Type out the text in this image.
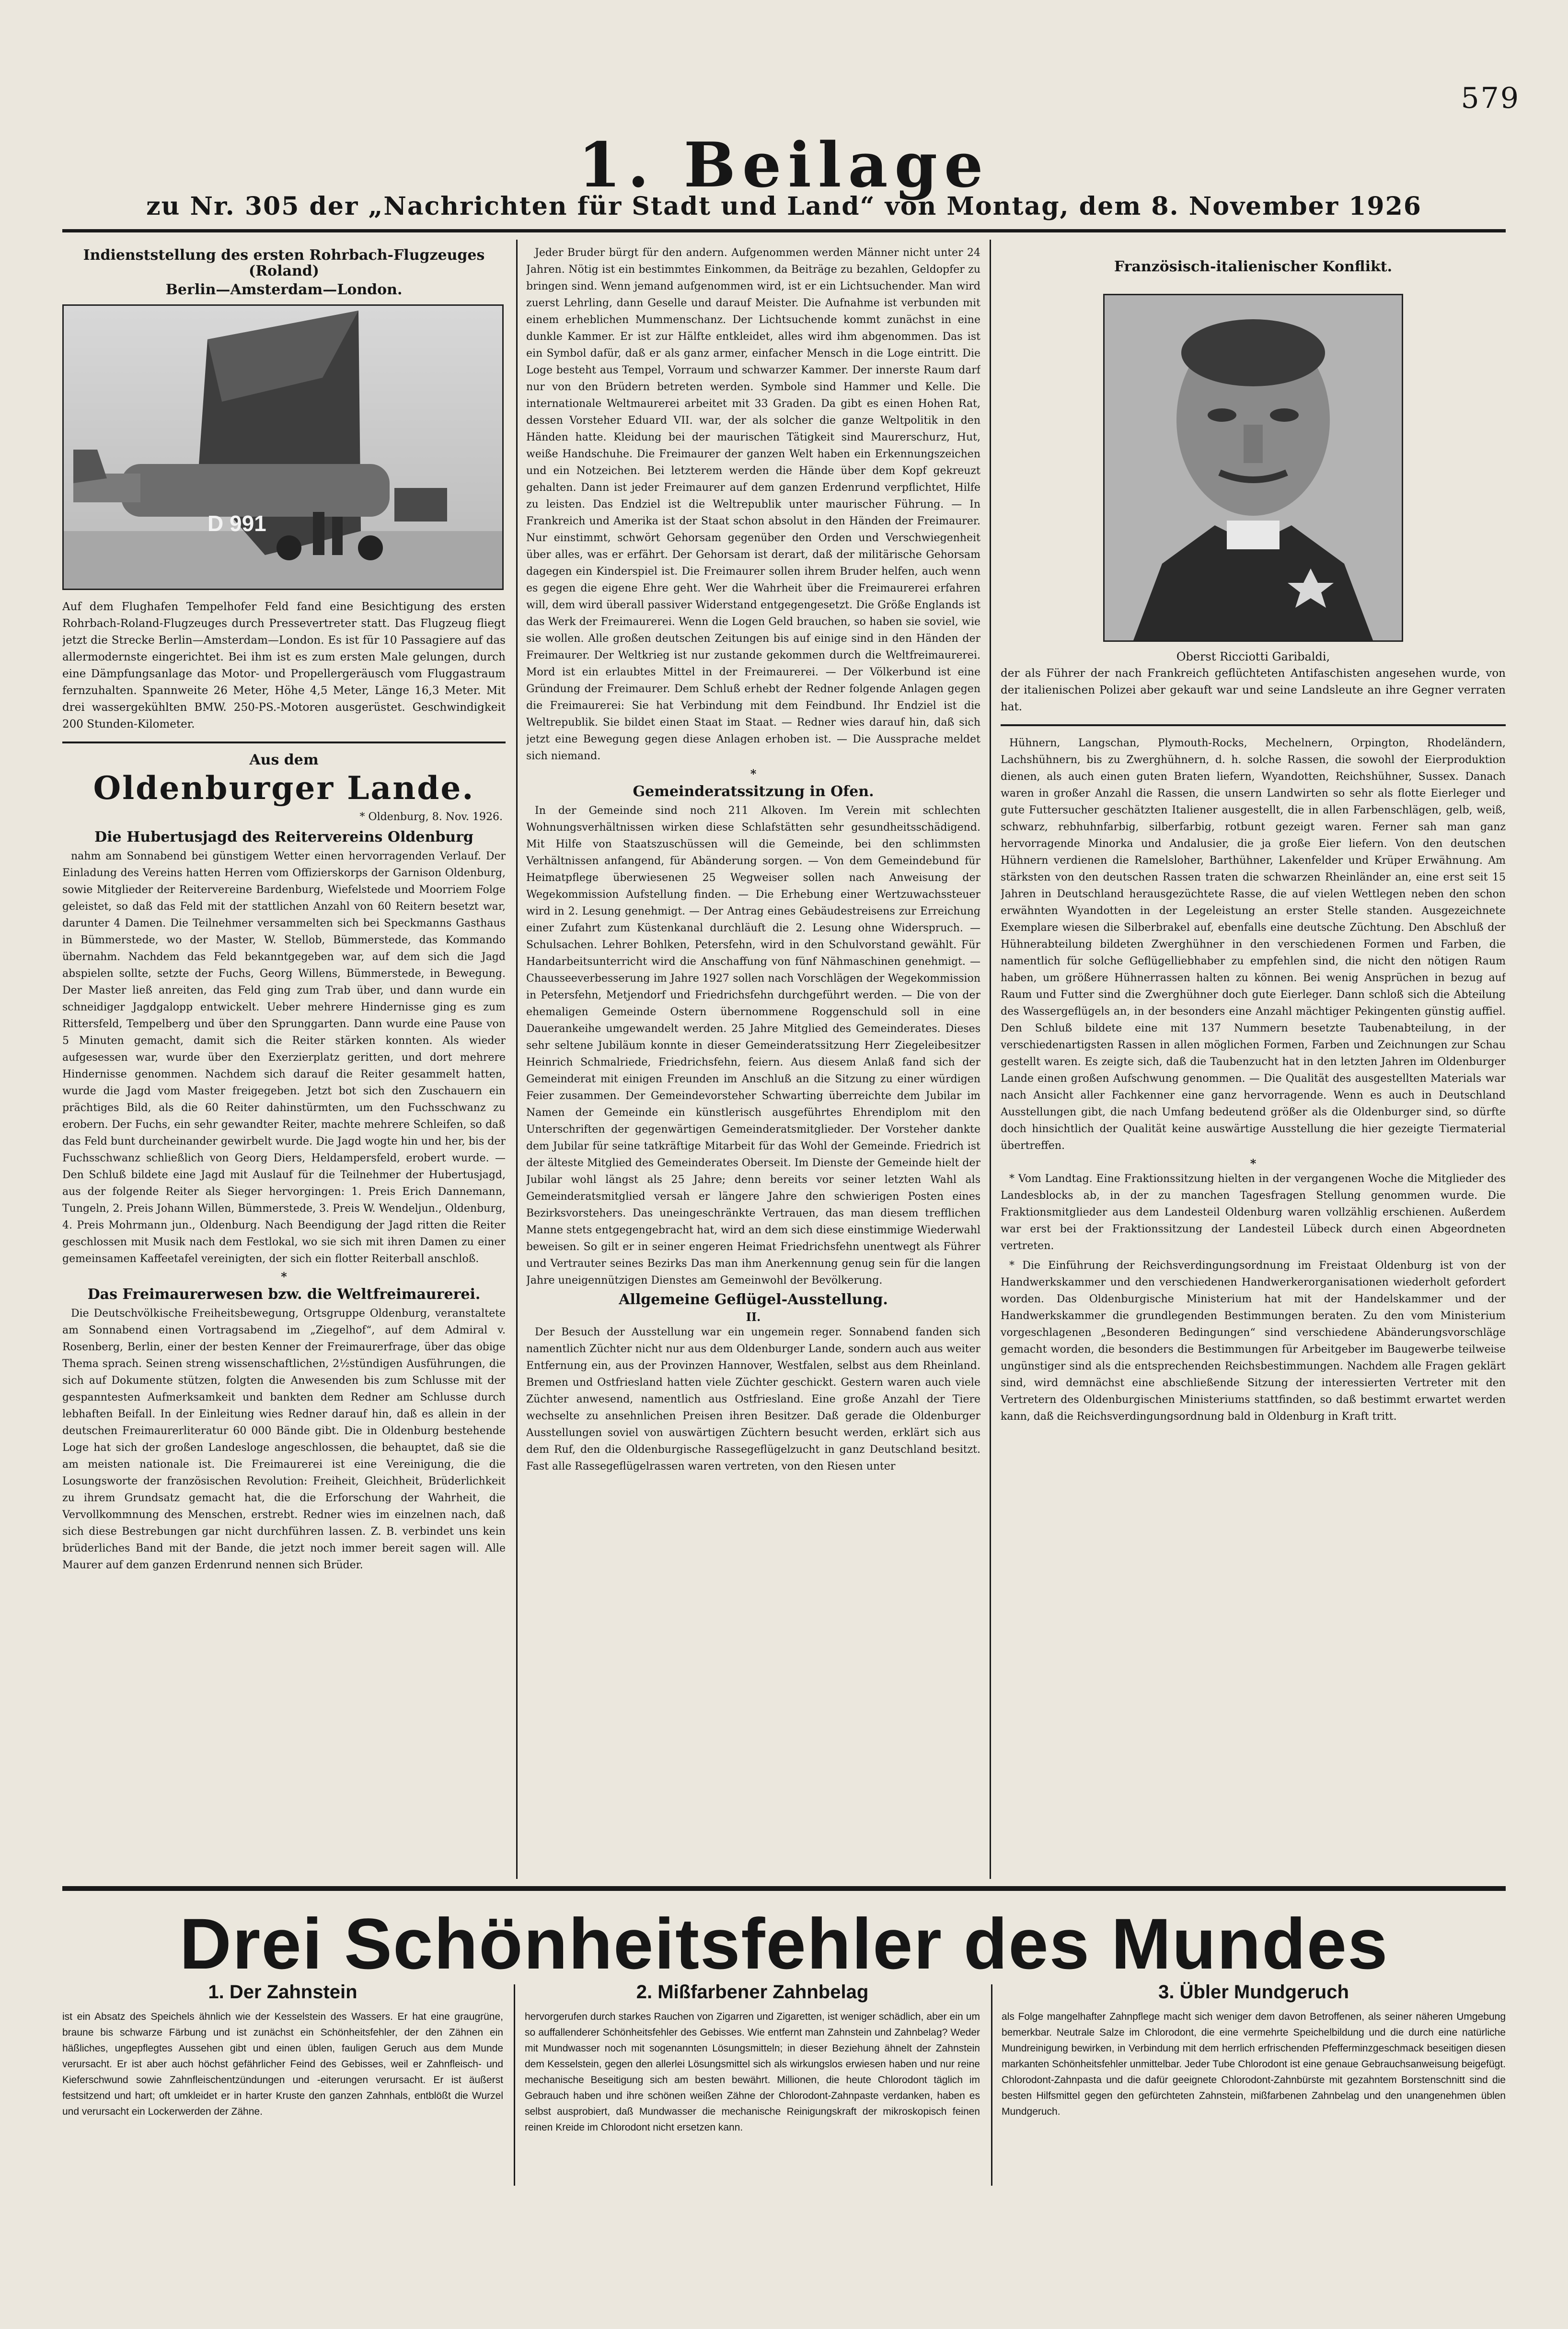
579
1. Beilage
zu Nr. 305 der „Nachrichten für Stadt und Land“ von Montag, dem 8. November 1926
Indienststellung des ersten Rohrbach-Flugzeuges (Roland)
Berlin—Amsterdam—London.
D 991
Auf dem Flughafen Tempelhofer Feld fand eine Besichtigung des ersten Rohrbach-Roland-Flugzeuges durch Pressevertreter statt. Das Flugzeug fliegt jetzt die Strecke Berlin—Amsterdam—London. Es ist für 10 Passagiere auf das allermodernste eingerichtet. Bei ihm ist es zum ersten Male gelungen, durch eine Dämpfungsanlage das Motor- und Propellergeräusch vom Fluggastraum fernzuhalten. Spannweite 26 Meter, Höhe 4,5 Meter, Länge 16,3 Meter. Mit drei wassergekühlten BMW. 250-PS.-Motoren ausgerüstet. Geschwindigkeit 200 Stunden-Kilometer.
Aus dem
Oldenburger Lande.
* Oldenburg, 8. Nov. 1926.
Die Hubertusjagd des Reitervereins Oldenburg

nahm am Sonnabend bei günstigem Wetter einen hervorragenden Verlauf. Der Einladung des Vereins hatten Herren vom Offizierskorps der Garnison Oldenburg, sowie Mitglieder der Reitervereine Bardenburg, Wiefelstede und Moorriem Folge geleistet, so daß das Feld mit der stattlichen Anzahl von 60 Reitern besetzt war, darunter 4 Damen. Die Teilnehmer versammelten sich bei Speckmanns Gasthaus in Bümmerstede, wo der Master, W. Stellob, Bümmerstede, das Kommando übernahm. Nachdem das Feld bekanntgegeben war, auf dem sich die Jagd abspielen sollte, setzte der Fuchs, Georg Willens, Bümmerstede, in Bewegung. Der Master ließ anreiten, das Feld ging zum Trab über, und dann wurde ein schneidiger Jagdgalopp entwickelt. Ueber mehrere Hindernisse ging es zum Rittersfeld, Tempelberg und über den Sprunggarten. Dann wurde eine Pause von 5 Minuten gemacht, damit sich die Reiter stärken konnten. Als wieder aufgesessen war, wurde über den Exerzierplatz geritten, und dort mehrere Hindernisse genommen. Nachdem sich darauf die Reiter gesammelt hatten, wurde die Jagd vom Master freigegeben. Jetzt bot sich den Zuschauern ein prächtiges Bild, als die 60 Reiter dahinstürmten, um den Fuchsschwanz zu erobern. Der Fuchs, ein sehr gewandter Reiter, machte mehrere Schleifen, so daß das Feld bunt durcheinander gewirbelt wurde. Die Jagd wogte hin und her, bis der Fuchsschwanz schließlich von Georg Diers, Heldampersfeld, erobert wurde. — Den Schluß bildete eine Jagd mit Auslauf für die Teilnehmer der Hubertusjagd, aus der folgende Reiter als Sieger hervorgingen: 1. Preis Erich Dannemann, Tungeln, 2. Preis Johann Willen, Bümmerstede, 3. Preis W. Wendeljun., Oldenburg, 4. Preis Mohrmann jun., Oldenburg. Nach Beendigung der Jagd ritten die Reiter geschlossen mit Musik nach dem Festlokal, wo sie sich mit ihren Damen zu einer gemeinsamen Kaffeetafel vereinigten, der sich ein flotter Reiterball anschloß.

*
Das Freimaurerwesen bzw. die Weltfreimaurerei.

Die Deutschvölkische Freiheitsbewegung, Ortsgruppe Oldenburg, veranstaltete am Sonnabend einen Vortragsabend im „Ziegelhof“, auf dem Admiral v. Rosenberg, Berlin, einer der besten Kenner der Freimaurerfrage, über das obige Thema sprach. Seinen streng wissenschaftlichen, 2½stündigen Ausführungen, die sich auf Dokumente stützen, folgten die Anwesenden bis zum Schlusse mit der gespanntesten Aufmerksamkeit und bankten dem Redner am Schlusse durch lebhaften Beifall. In der Einleitung wies Redner darauf hin, daß es allein in der deutschen Freimaurerliteratur 60 000 Bände gibt. Die in Oldenburg bestehende Loge hat sich der großen Landesloge angeschlossen, die behauptet, daß sie die am meisten nationale ist. Die Freimaurerei ist eine Vereinigung, die die Losungsworte der französischen Revolution: Freiheit, Gleichheit, Brüderlichkeit zu ihrem Grundsatz gemacht hat, die die Erforschung der Wahrheit, die Vervollkommnung des Menschen, erstrebt. Redner wies im einzelnen nach, daß sich diese Bestrebungen gar nicht durchführen lassen. Z. B. verbindet uns kein brüderliches Band mit der Bande, die jetzt noch immer bereit sagen will. Alle Maurer auf dem ganzen Erdenrund nennen sich Brüder.

Jeder Bruder bürgt für den andern. Aufgenommen werden Männer nicht unter 24 Jahren. Nötig ist ein bestimmtes Einkommen, da Beiträge zu bezahlen, Geldopfer zu bringen sind. Wenn jemand aufgenommen wird, ist er ein Lichtsuchender. Man wird zuerst Lehrling, dann Geselle und darauf Meister. Die Aufnahme ist verbunden mit einem erheblichen Mummenschanz. Der Lichtsuchende kommt zunächst in eine dunkle Kammer. Er ist zur Hälfte entkleidet, alles wird ihm abgenommen. Das ist ein Symbol dafür, daß er als ganz armer, einfacher Mensch in die Loge eintritt. Die Loge besteht aus Tempel, Vorraum und schwarzer Kammer. Der innerste Raum darf nur von den Brüdern betreten werden. Symbole sind Hammer und Kelle. Die internationale Weltmaurerei arbeitet mit 33 Graden. Da gibt es einen Hohen Rat, dessen Vorsteher Eduard VII. war, der als solcher die ganze Weltpolitik in den Händen hatte. Kleidung bei der maurischen Tätigkeit sind Maurerschurz, Hut, weiße Handschuhe. Die Freimaurer der ganzen Welt haben ein Erkennungszeichen und ein Notzeichen. Bei letzterem werden die Hände über dem Kopf gekreuzt gehalten. Dann ist jeder Freimaurer auf dem ganzen Erdenrund verpflichtet, Hilfe zu leisten. Das Endziel ist die Weltrepublik unter maurischer Führung. — In Frankreich und Amerika ist der Staat schon absolut in den Händen der Freimaurer. Nur einstimmt, schwört Gehorsam gegenüber den Orden und Verschwiegenheit über alles, was er erfährt. Der Gehorsam ist derart, daß der militärische Gehorsam dagegen ein Kinderspiel ist. Die Freimaurer sollen ihrem Bruder helfen, auch wenn es gegen die eigene Ehre geht. Wer die Wahrheit über die Freimaurerei erfahren will, dem wird überall passiver Widerstand entgegengesetzt. Die Größe Englands ist das Werk der Freimaurerei. Wenn die Logen Geld brauchen, so haben sie soviel, wie sie wollen. Alle großen deutschen Zeitungen bis auf einige sind in den Händen der Freimaurer. Der Weltkrieg ist nur zustande gekommen durch die Weltfreimaurerei. Mord ist ein erlaubtes Mittel in der Freimaurerei. — Der Völkerbund ist eine Gründung der Freimaurer. Dem Schluß erhebt der Redner folgende Anlagen gegen die Freimaurerei: Sie hat Verbindung mit dem Feindbund. Ihr Endziel ist die Weltrepublik. Sie bildet einen Staat im Staat. — Redner wies darauf hin, daß sich jetzt eine Bewegung gegen diese Anlagen erhoben ist. — Die Aussprache meldet sich niemand.

*
Gemeinderatssitzung in Ofen.

In der Gemeinde sind noch 211 Alkoven. Im Verein mit schlechten Wohnungsverhältnissen wirken diese Schlafstätten sehr gesundheitsschädigend. Mit Hilfe von Staatszuschüssen will die Gemeinde, bei den schlimmsten Verhältnissen anfangend, für Abänderung sorgen. — Von dem Gemeindebund für Heimatpflege überwiesenen 25 Wegweiser sollen nach Anweisung der Wegekommission Aufstellung finden. — Die Erhebung einer Wertzuwachssteuer wird in 2. Lesung genehmigt. — Der Antrag eines Gebäudestreisens zur Erreichung einer Zufahrt zum Küstenkanal durchläuft die 2. Lesung ohne Widerspruch. — Schulsachen. Lehrer Bohlken, Petersfehn, wird in den Schulvorstand gewählt. Für Handarbeitsunterricht wird die Anschaffung von fünf Nähmaschinen genehmigt. — Chausseeverbesserung im Jahre 1927 sollen nach Vorschlägen der Wegekommission in Petersfehn, Metjendorf und Friedrichsfehn durchgeführt werden. — Die von der ehemaligen Gemeinde Ostern übernommene Roggenschuld soll in eine Dauerankeihe umgewandelt werden. 25 Jahre Mitglied des Gemeinderates. Dieses sehr seltene Jubiläum konnte in dieser Gemeinderatssitzung Herr Ziegeleibesitzer Heinrich Schmalriede, Friedrichsfehn, feiern. Aus diesem Anlaß fand sich der Gemeinderat mit einigen Freunden im Anschluß an die Sitzung zu einer würdigen Feier zusammen. Der Gemeindevorsteher Schwarting überreichte dem Jubilar im Namen der Gemeinde ein künstlerisch ausgeführtes Ehrendiplom mit den Unterschriften der gegenwärtigen Gemeinderatsmitglieder. Der Vorsteher dankte dem Jubilar für seine tatkräftige Mitarbeit für das Wohl der Gemeinde. Friedrich ist der älteste Mitglied des Gemeinderates Oberseit. Im Dienste der Gemeinde hielt der Jubilar wohl längst als 25 Jahre; denn bereits vor seiner letzten Wahl als Gemeinderatsmitglied versah er längere Jahre den schwierigen Posten eines Bezirksvorstehers. Das uneingeschränkte Vertrauen, das man diesem trefflichen Manne stets entgegengebracht hat, wird an dem sich diese einstimmige Wiederwahl beweisen. So gilt er in seiner engeren Heimat Friedrichsfehn unentwegt als Führer und Vertrauter seines Bezirks Das man ihm Anerkennung genug sein für die langen Jahre uneigennützigen Dienstes am Gemeinwohl der Bevölkerung.

Allgemeine Geflügel-Ausstellung.
II.

Der Besuch der Ausstellung war ein ungemein reger. Sonnabend fanden sich namentlich Züchter nicht nur aus dem Oldenburger Lande, sondern auch aus weiter Entfernung ein, aus der Provinzen Hannover, Westfalen, selbst aus dem Rheinland. Bremen und Ostfriesland hatten viele Züchter geschickt. Gestern waren auch viele Züchter anwesend, namentlich aus Ostfriesland. Eine große Anzahl der Tiere wechselte zu ansehnlichen Preisen ihren Besitzer. Daß gerade die Oldenburger Ausstellungen soviel von auswärtigen Züchtern besucht werden, erklärt sich aus dem Ruf, den die Oldenburgische Rassegeflügelzucht in ganz Deutschland besitzt. Fast alle Rassegeflügelrassen waren vertreten, von den Riesen unter

Französisch-italienischer Konflikt.
Oberst Ricciotti Garibaldi,
der als Führer der nach Frankreich geflüchteten Antifaschisten angesehen wurde, von der italienischen Polizei aber gekauft war und seine Landsleute an ihre Gegner verraten hat.

Hühnern, Langschan, Plymouth-Rocks, Mechelnern, Orpington, Rhodeländern, Lachshühnern, bis zu Zwerghühnern, d. h. solche Rassen, die sowohl der Eierproduktion dienen, als auch einen guten Braten liefern, Wyandotten, Reichshühner, Sussex. Danach waren in großer Anzahl die Rassen, die unsern Landwirten so sehr als flotte Eierleger und gute Futtersucher geschätzten Italiener ausgestellt, die in allen Farbenschlägen, gelb, weiß, schwarz, rebhuhnfarbig, silberfarbig, rotbunt gezeigt waren. Ferner sah man ganz hervorragende Minorka und Andalusier, die ja große Eier liefern. Von den deutschen Hühnern verdienen die Ramelsloher, Barthühner, Lakenfelder und Krüper Erwähnung. Am stärksten von den deutschen Rassen traten die schwarzen Rheinländer an, eine erst seit 15 Jahren in Deutschland herausgezüchtete Rasse, die auf vielen Wettlegen neben den schon erwähnten Wyandotten in der Legeleistung an erster Stelle standen. Ausgezeichnete Exemplare wiesen die Silberbrakel auf, ebenfalls eine deutsche Züchtung. Den Abschluß der Hühnerabteilung bildeten Zwerghühner in den verschiedenen Formen und Farben, die namentlich für solche Geflügelliebhaber zu empfehlen sind, die nicht den nötigen Raum haben, um größere Hühnerrassen halten zu können. Bei wenig Ansprüchen in bezug auf Raum und Futter sind die Zwerghühner doch gute Eierleger. Dann schloß sich die Abteilung des Wassergeflügels an, in der besonders eine Anzahl mächtiger Pekingenten günstig auffiel. Den Schluß bildete eine mit 137 Nummern besetzte Taubenabteilung, in der verschiedenartigsten Rassen in allen möglichen Formen, Farben und Zeichnungen zur Schau gestellt waren. Es zeigte sich, daß die Taubenzucht hat in den letzten Jahren im Oldenburger Lande einen großen Aufschwung genommen. — Die Qualität des ausgestellten Materials war nach Ansicht aller Fachkenner eine ganz hervorragende. Wenn es auch in Deutschland Ausstellungen gibt, die nach Umfang bedeutend größer als die Oldenburger sind, so dürfte doch hinsichtlich der Qualität keine auswärtige Ausstellung die hier gezeigte Tiermaterial übertreffen.

*

* Vom Landtag. Eine Fraktionssitzung hielten in der vergangenen Woche die Mitglieder des Landesblocks ab, in der zu manchen Tagesfragen Stellung genommen wurde. Die Fraktionsmitglieder aus dem Landesteil Oldenburg waren vollzählig erschienen. Außerdem war erst bei der Fraktionssitzung der Landesteil Lübeck durch einen Abgeordneten vertreten.

* Die Einführung der Reichsverdingungsordnung im Freistaat Oldenburg ist von der Handwerkskammer und den verschiedenen Handwerkerorganisationen wiederholt gefordert worden. Das Oldenburgische Ministerium hat mit der Handelskammer und der Handwerkskammer die grundlegenden Bestimmungen beraten. Zu den vom Ministerium vorgeschlagenen „Besonderen Bedingungen“ sind verschiedene Abänderungsvorschläge gemacht worden, die besonders die Bestimmungen für Arbeitgeber im Baugewerbe teilweise ungünstiger sind als die entsprechenden Reichsbestimmungen. Nachdem alle Fragen geklärt sind, wird demnächst eine abschließende Sitzung der interessierten Vertreter mit den Vertretern des Oldenburgischen Ministeriums stattfinden, so daß bestimmt erwartet werden kann, daß die Reichsverdingungsordnung bald in Oldenburg in Kraft tritt.

Drei Schönheitsfehler des Mundes
1. Der Zahnstein

ist ein Absatz des Speichels ähnlich wie der Kesselstein des Wassers. Er hat eine graugrüne, braune bis schwarze Färbung und ist zunächst ein Schönheitsfehler, der den Zähnen ein häßliches, ungepflegtes Aussehen gibt und einen üblen, fauligen Geruch aus dem Munde verursacht. Er ist aber auch höchst gefährlicher Feind des Gebisses, weil er Zahnfleisch- und Kieferschwund sowie Zahnfleischentzündungen und -eiterungen verursacht. Er ist äußerst festsitzend und hart; oft umkleidet er in harter Kruste den ganzen Zahnhals, entblößt die Wurzel und verursacht ein Lockerwerden der Zähne.

2. Mißfarbener Zahnbelag

hervorgerufen durch starkes Rauchen von Zigarren und Zigaretten, ist weniger schädlich, aber ein um so auffallenderer Schönheitsfehler des Gebisses. Wie entfernt man Zahnstein und Zahnbelag? Weder mit Mundwasser noch mit sogenannten Lösungsmitteln; in dieser Beziehung ähnelt der Zahnstein dem Kesselstein, gegen den allerlei Lösungsmittel sich als wirkungslos erwiesen haben und nur reine mechanische Beseitigung sich am besten bewährt. Millionen, die heute Chlorodont täglich im Gebrauch haben und ihre schönen weißen Zähne der Chlorodont-Zahnpaste verdanken, haben es selbst ausprobiert, daß Mundwasser die mechanische Reinigungskraft der mikroskopisch feinen reinen Kreide im Chlorodont nicht ersetzen kann.

3. Übler Mundgeruch

als Folge mangelhafter Zahnpflege macht sich weniger dem davon Betroffenen, als seiner näheren Umgebung bemerkbar. Neutrale Salze im Chlorodont, die eine vermehrte Speichelbildung und die durch eine natürliche Mundreinigung bewirken, in Verbindung mit dem herrlich erfrischenden Pfefferminzgeschmack beseitigen diesen markanten Schönheitsfehler unmittelbar. Jeder Tube Chlorodont ist eine genaue Gebrauchsanweisung beigefügt. Chlorodont-Zahnpasta und die dafür geeignete Chlorodont-Zahnbürste mit gezahntem Borstenschnitt sind die besten Hilfsmittel gegen den gefürchteten Zahnstein, mißfarbenen Zahnbelag und den unangenehmen üblen Mundgeruch.
